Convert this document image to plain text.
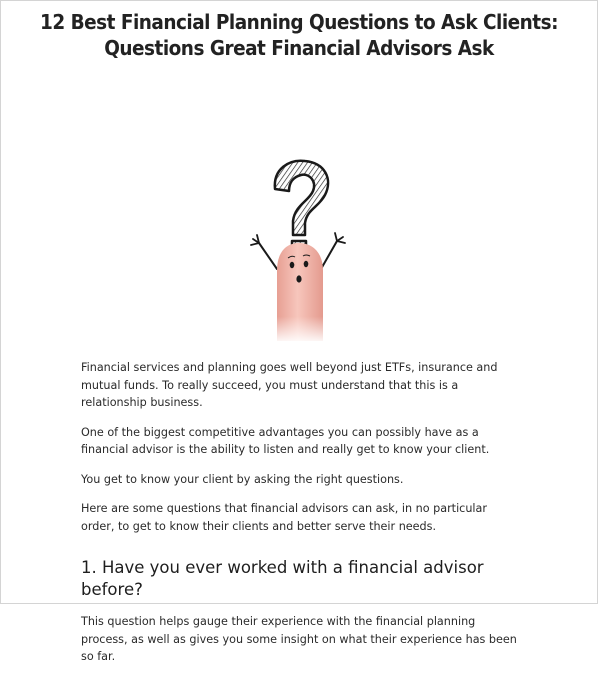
12 Best Financial Planning Questions to Ask Clients: Questions Great Financial Advisors Ask

Financial services and planning goes well beyond just ETFs, insurance and mutual funds. To really succeed, you must understand that this is a relationship business.

One of the biggest competitive advantages you can possibly have as a financial advisor is the ability to listen and really get to know your client.

You get to know your client by asking the right questions.

Here are some questions that financial advisors can ask, in no particular order, to get to know their clients and better serve their needs.

1. Have you ever worked with a financial advisor before?

This question helps gauge their experience with the financial planning process, as well as gives you some insight on what their experience has been so far.
